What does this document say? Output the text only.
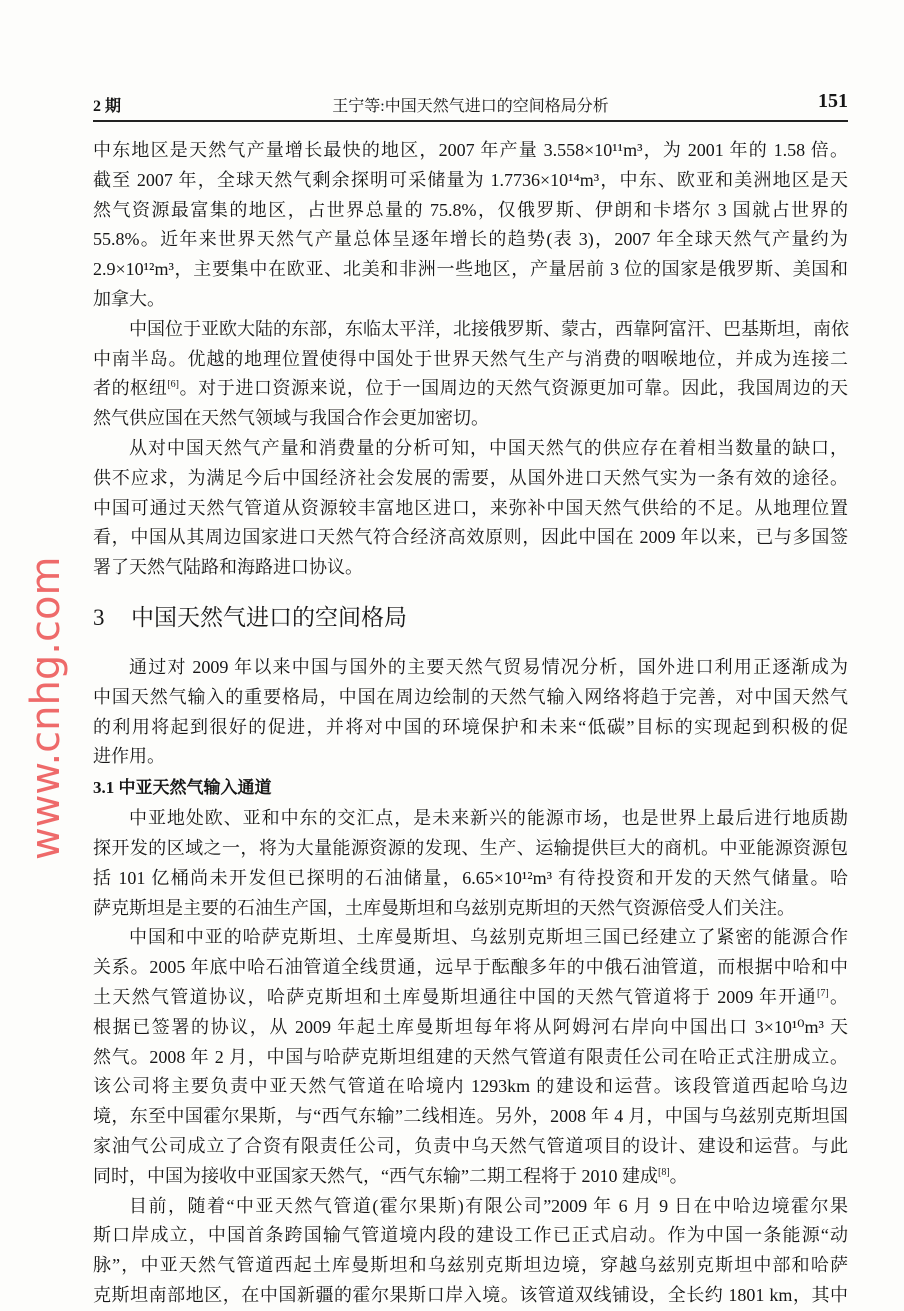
2 期	王宁等:中国天然气进口的空间格局分析	151
中东地区是天然气产量增长最快的地区，2007 年产量 3.558×10¹¹m³，为 2001 年的 1.58 倍。
截至 2007 年，全球天然气剩余探明可采储量为 1.7736×10¹⁴m³，中东、欧亚和美洲地区是天
然气资源最富集的地区，占世界总量的 75.8%，仅俄罗斯、伊朗和卡塔尔 3 国就占世界的
55.8%。近年来世界天然气产量总体呈逐年增长的趋势(表 3)，2007 年全球天然气产量约为
2.9×10¹²m³，主要集中在欧亚、北美和非洲一些地区，产量居前 3 位的国家是俄罗斯、美国和
加拿大。
中国位于亚欧大陆的东部，东临太平洋，北接俄罗斯、蒙古，西靠阿富汗、巴基斯坦，南依
中南半岛。优越的地理位置使得中国处于世界天然气生产与消费的咽喉地位，并成为连接二
者的枢纽[6]。对于进口资源来说，位于一国周边的天然气资源更加可靠。因此，我国周边的天
然气供应国在天然气领域与我国合作会更加密切。
从对中国天然气产量和消费量的分析可知，中国天然气的供应存在着相当数量的缺口，
供不应求，为满足今后中国经济社会发展的需要，从国外进口天然气实为一条有效的途径。
中国可通过天然气管道从资源较丰富地区进口，来弥补中国天然气供给的不足。从地理位置
看，中国从其周边国家进口天然气符合经济高效原则，因此中国在 2009 年以来，已与多国签
署了天然气陆路和海路进口协议。
3 中国天然气进口的空间格局
通过对 2009 年以来中国与国外的主要天然气贸易情况分析，国外进口利用正逐渐成为
中国天然气输入的重要格局，中国在周边绘制的天然气输入网络将趋于完善，对中国天然气
的利用将起到很好的促进，并将对中国的环境保护和未来“低碳”目标的实现起到积极的促
进作用。
3.1 中亚天然气输入通道
中亚地处欧、亚和中东的交汇点，是未来新兴的能源市场，也是世界上最后进行地质勘
探开发的区域之一，将为大量能源资源的发现、生产、运输提供巨大的商机。中亚能源资源包
括 101 亿桶尚未开发但已探明的石油储量，6.65×10¹²m³ 有待投资和开发的天然气储量。哈
萨克斯坦是主要的石油生产国，土库曼斯坦和乌兹别克斯坦的天然气资源倍受人们关注。
中国和中亚的哈萨克斯坦、土库曼斯坦、乌兹别克斯坦三国已经建立了紧密的能源合作
关系。2005 年底中哈石油管道全线贯通，远早于酝酿多年的中俄石油管道，而根据中哈和中
土天然气管道协议，哈萨克斯坦和土库曼斯坦通往中国的天然气管道将于 2009 年开通[7]。
根据已签署的协议，从 2009 年起土库曼斯坦每年将从阿姆河右岸向中国出口 3×10¹⁰m³ 天
然气。2008 年 2 月，中国与哈萨克斯坦组建的天然气管道有限责任公司在哈正式注册成立。
该公司将主要负责中亚天然气管道在哈境内 1293km 的建设和运营。该段管道西起哈乌边
境，东至中国霍尔果斯，与“西气东输”二线相连。另外，2008 年 4 月，中国与乌兹别克斯坦国
家油气公司成立了合资有限责任公司，负责中乌天然气管道项目的设计、建设和运营。与此
同时，中国为接收中亚国家天然气，“西气东输”二期工程将于 2010 建成[8]。
目前，随着“中亚天然气管道(霍尔果斯)有限公司”2009 年 6 月 9 日在中哈边境霍尔果
斯口岸成立，中国首条跨国输气管道境内段的建设工作已正式启动。作为中国一条能源“动
脉”，中亚天然气管道西起土库曼斯坦和乌兹别克斯坦边境，穿越乌兹别克斯坦中部和哈萨
克斯坦南部地区，在中国新疆的霍尔果斯口岸入境。该管道双线铺设，全长约 1801 km，其中
www.cnhg.com
